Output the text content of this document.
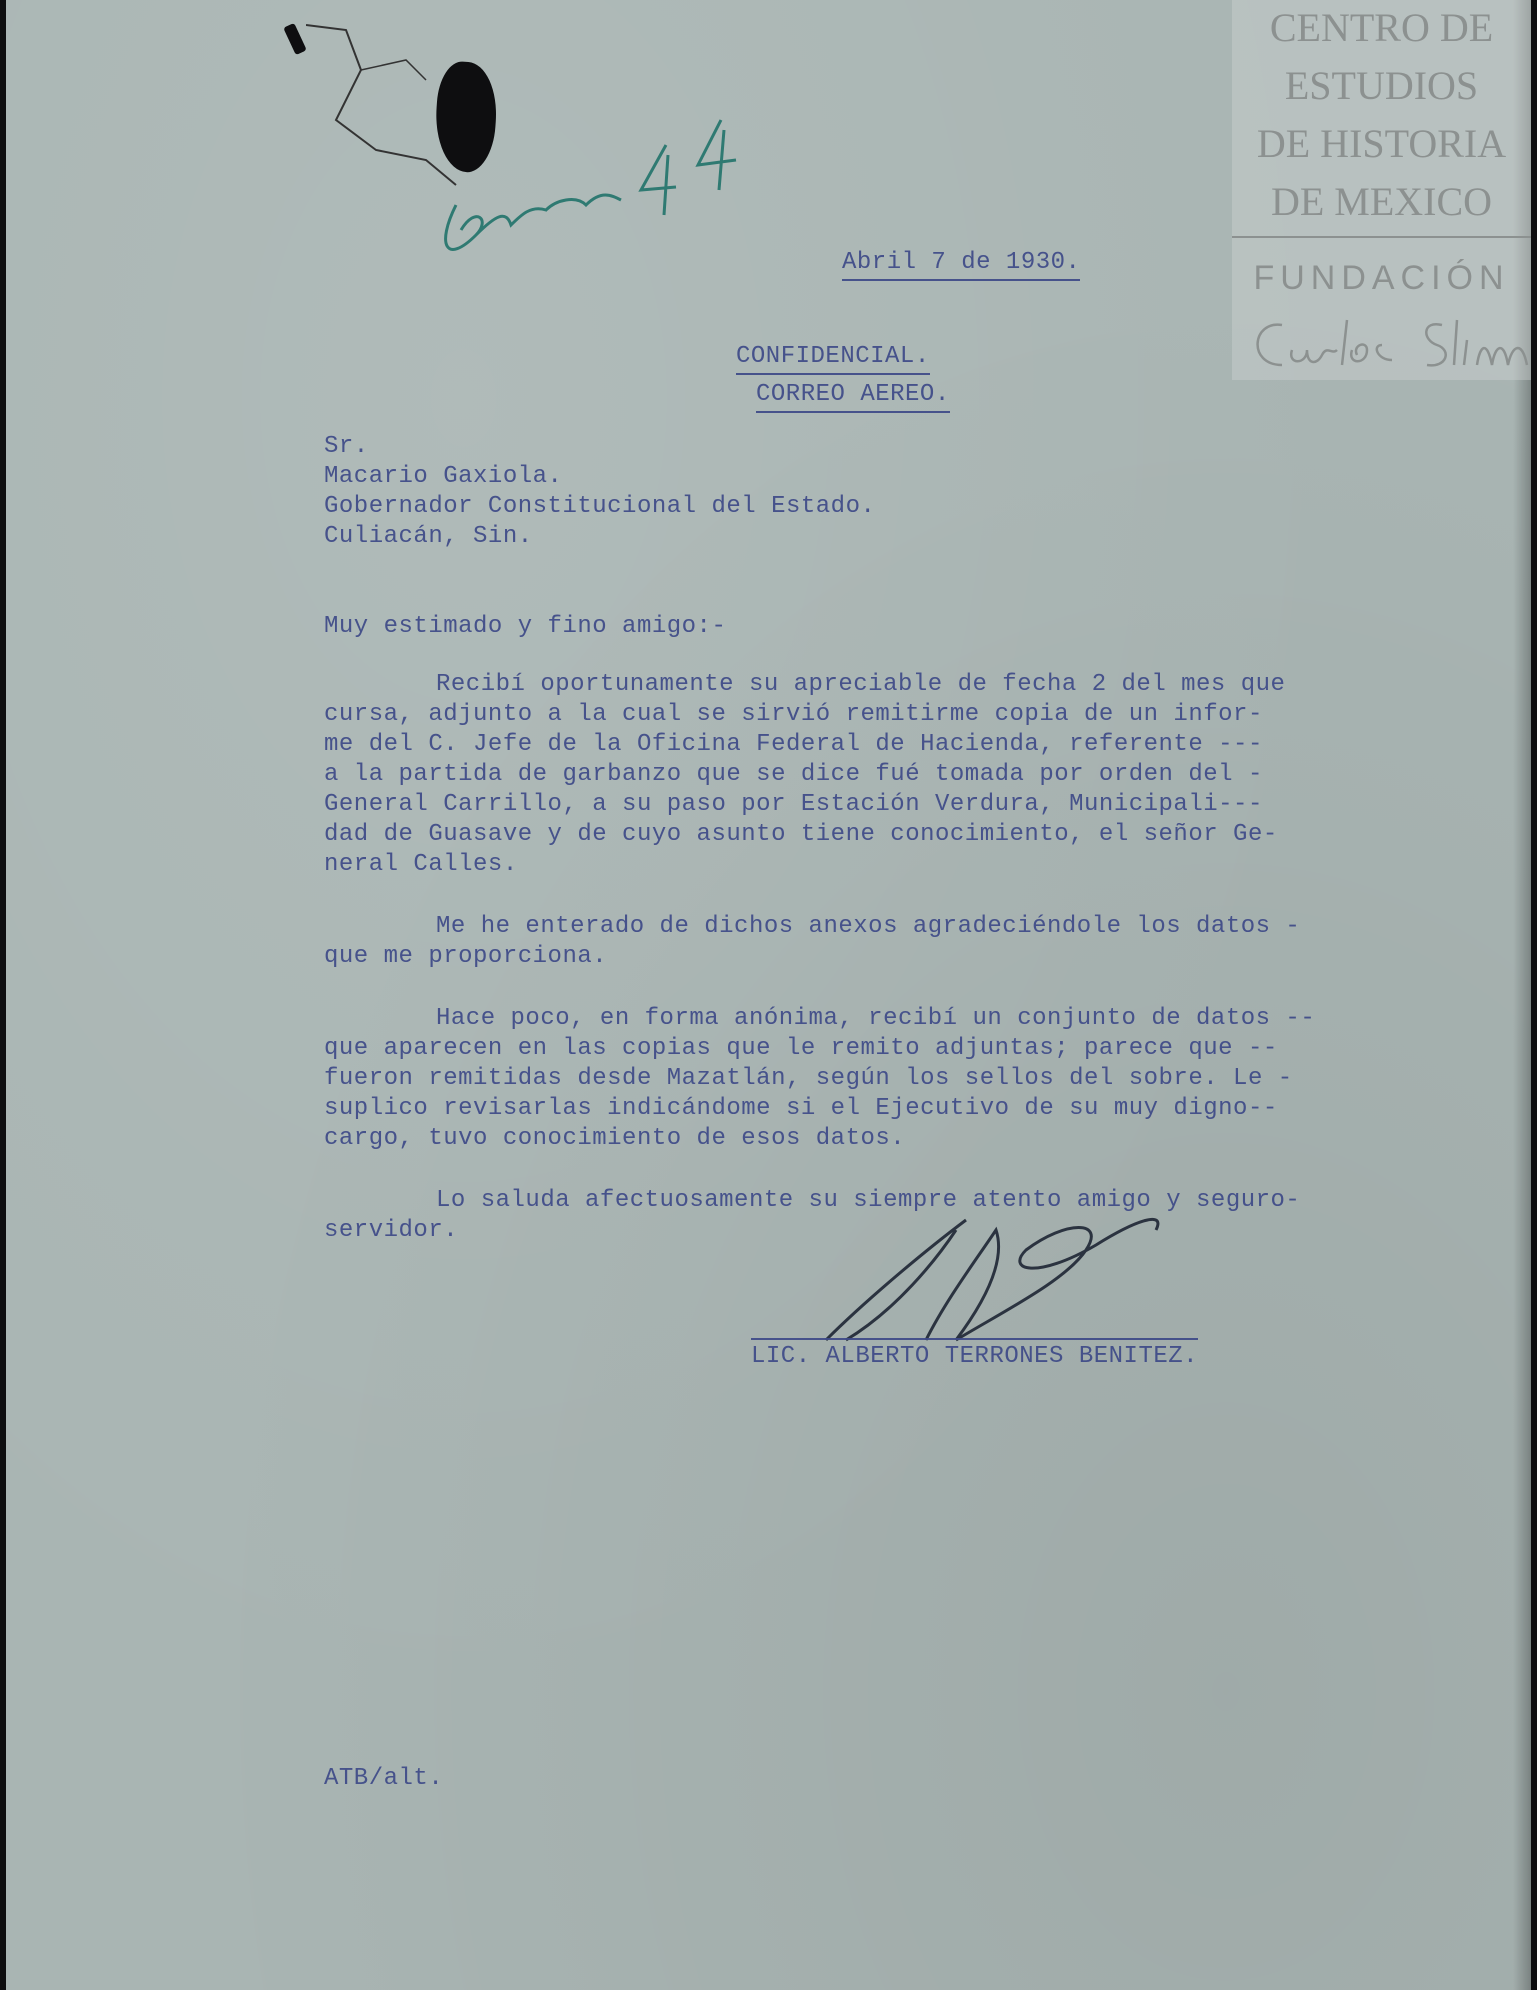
Abril 7 de 1930.
CONFIDENCIAL.
CORREO AEREO.
Sr.
Macario Gaxiola.
Gobernador Constitucional del Estado.
Culiacán, Sin.
Muy estimado y fino amigo:-
Recibí oportunamente su apreciable de fecha 2 del mes que
cursa, adjunto a la cual se sirvió remitirme copia de un infor-
me del C. Jefe de la Oficina Federal de Hacienda, referente ---
a la partida de garbanzo que se dice fué tomada por orden del -
General Carrillo, a su paso por Estación Verdura, Municipali---
dad de Guasave y de cuyo asunto tiene conocimiento, el señor Ge-
neral Calles.
Me he enterado de dichos anexos agradeciéndole los datos -
que me proporciona.
Hace poco, en forma anónima, recibí un conjunto de datos --
que aparecen en las copias que le remito adjuntas; parece que --
fueron remitidas desde Mazatlán, según los sellos del sobre. Le -
suplico revisarlas indicándome si el Ejecutivo de su muy digno--
cargo, tuvo conocimiento de esos datos.
Lo saluda afectuosamente su siempre atento amigo y seguro-
servidor.
LIC. ALBERTO TERRONES BENITEZ.
ATB/alt.
CENTRO DE
ESTUDIOS
DE HISTORIA
DE MEXICO
FUNDACIÓN
